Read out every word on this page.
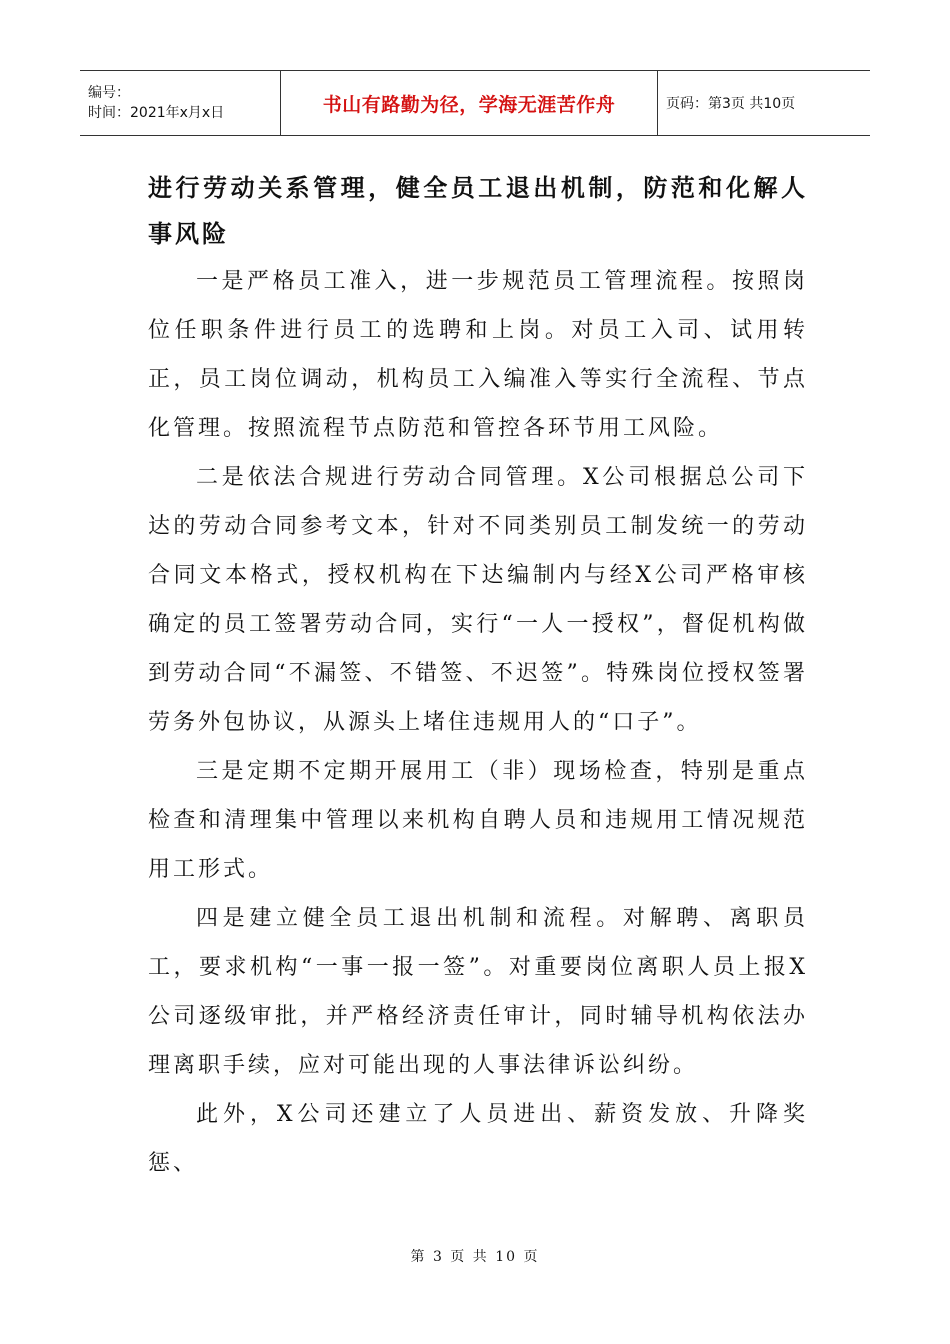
编号：
时间：2021年x月x日	书山有路勤为径，学海无涯苦作舟	页码：第3页 共10页
进行劳动关系管理，健全员工退出机制，防范和化解人事风险

一是严格员工准入，进一步规范员工管理流程。按照岗位任职条件进行员工的选聘和上岗。对员工入司、试用转正，员工岗位调动，机构员工入编准入等实行全流程、节点化管理。按照流程节点防范和管控各环节用工风险。

二是依法合规进行劳动合同管理。X公司根据总公司下达的劳动合同参考文本，针对不同类别员工制发统一的劳动合同文本格式，授权机构在下达编制内与经X公司严格审核确定的员工签署劳动合同，实行“一人一授权”，督促机构做到劳动合同“不漏签、不错签、不迟签”。特殊岗位授权签署劳务外包协议，从源头上堵住违规用人的“口子”。

三是定期不定期开展用工（非）现场检查，特别是重点检查和清理集中管理以来机构自聘人员和违规用工情况规范用工形式。

四是建立健全员工退出机制和流程。对解聘、离职员工，要求机构“一事一报一签”。对重要岗位离职人员上报X公司逐级审批，并严格经济责任审计，同时辅导机构依法办理离职手续，应对可能出现的人事法律诉讼纠纷。

此外，X公司还建立了人员进出、薪资发放、升降奖惩、

第 3 页 共 10 页
